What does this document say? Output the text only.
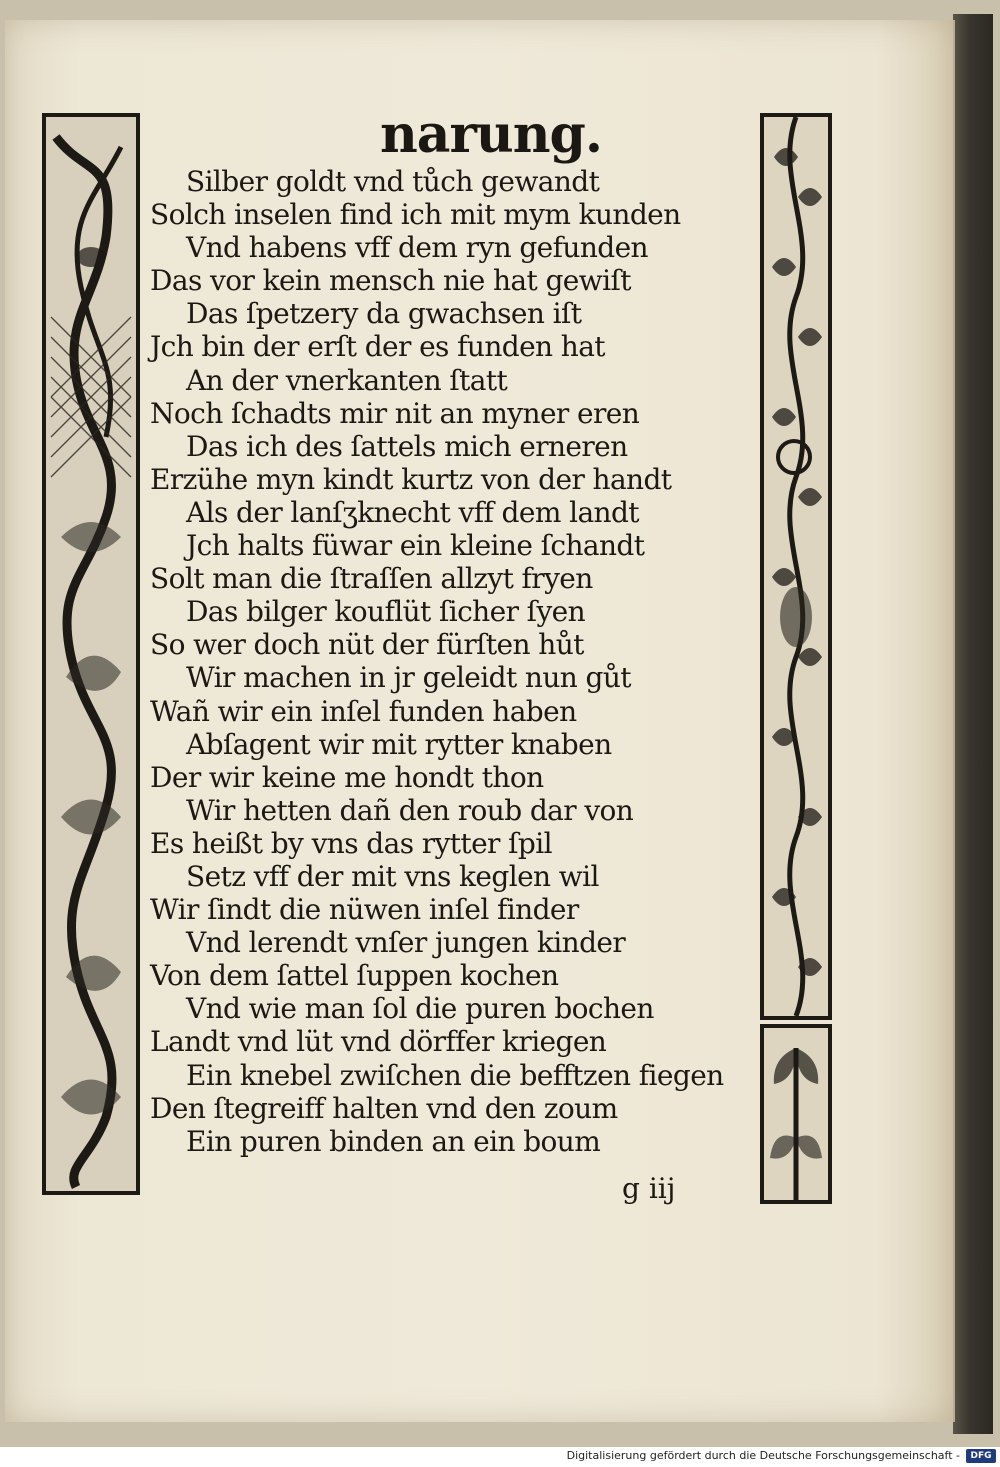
narung.
Silber goldt vnd tůch gewandt
Solch inselen find ich mit mym kunden
Vnd habens vff dem ryn gefunden
Das vor kein mensch nie hat gewiſt
Das ſpetzery da gwachsen iſt
Jch bin der erſt der es funden hat
An der vnerkanten ſtatt
Noch ſchadts mir nit an myner eren
Das ich des ſattels mich erneren
Erzühe myn kindt kurtz von der handt
Als der lanſʒknecht vff dem landt
Jch halts füwar ein kleine ſchandt
Solt man die ſtraſſen allzyt fryen
Das bilger kouflüt ſicher ſyen
So wer doch nüt der fürſten hůt
Wir machen in jr geleidt nun gůt
Wañ wir ein inſel funden haben
Abſagent wir mit rytter knaben
Der wir keine me hondt thon
Wir hetten dañ den roub dar von
Es heißt by vns das rytter ſpil
Setz vff der mit vns keglen wil
Wir ſindt die nüwen inſel finder
Vnd lerendt vnſer jungen kinder
Von dem ſattel ſuppen kochen
Vnd wie man ſol die puren bochen
Landt vnd lüt vnd dörffer kriegen
Ein knebel zwiſchen die befftzen fiegen
Den ſtegreiff halten vnd den zoum
Ein puren binden an ein boum
g iij
Digitalisierung gefördert durch die Deutsche Forschungsgemeinschaft -	DFG
